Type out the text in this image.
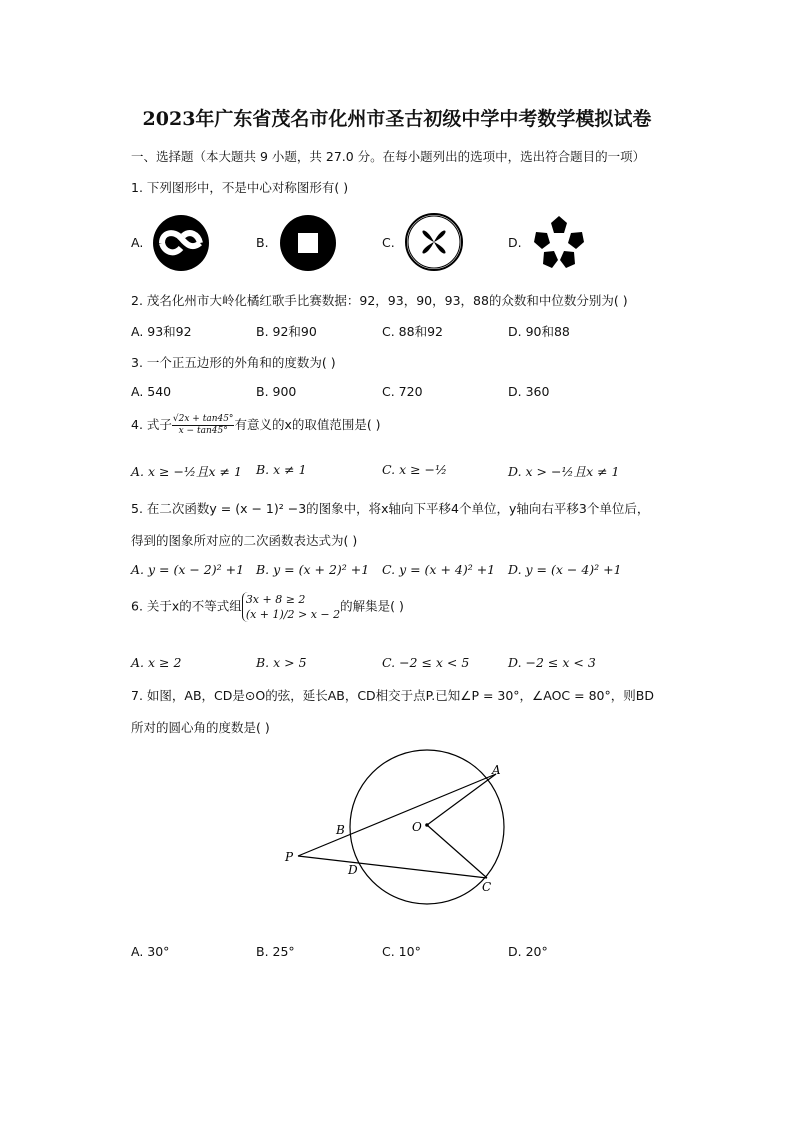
2023年广东省茂名市化州市圣古初级中学中考数学模拟试卷
一、选择题（本大题共 9 小题，共 27.0 分。在每小题列出的选项中，选出符合题目的一项）
1. 下列图形中，不是中心对称图形有( )
A.	B.	C.	D.
2. 茂名化州市大岭化橘红歌手比赛数据：92，93，90，93，88的众数和中位数分别为( )
A. 93和92	B. 92和90	C. 88和92	D. 90和88
3. 一个正五边形的外角和的度数为( )
A. 540	B. 900	C. 720	D. 360
4. 式子 $\frac{√2x + \tan 45^\circ}{x - \tan 45^\circ}$ 有意义的x的取值范围是( )
A. x ≥ −½且x ≠ 1 B. x ≠ 1	C. x ≥ −½	D. x > −½且x ≠ 1
5. 在二次函数y = (x − 1)² −3的图象中，将x轴向下平移4个单位，y轴向右平移3个单位后，
得到的图象所对应的二次函数表达式为( )
A. y = (x − 2)² +1 B. y = (x + 2)² +1 C. y = (x + 4)² +1 D. y = (x − 4)² +1
6. 关于x的不等式组 3x + 8 ≥ 2
(x + 1)/2 > x − 2
的解集是( )
A. x ≥ 2	B. x > 5	C. −2 ≤ x < 5	D. −2 ≤ x < 3
7. 如图，AB，CD是⊙O的弦，延长AB，CD相交于点P.已知∠P = 30°，∠AOC = 80°，则BD
所对的圆心角的度数是( )
A
B	O
P
D
C
A. 30°	B. 25°	C. 10°	D. 20°
